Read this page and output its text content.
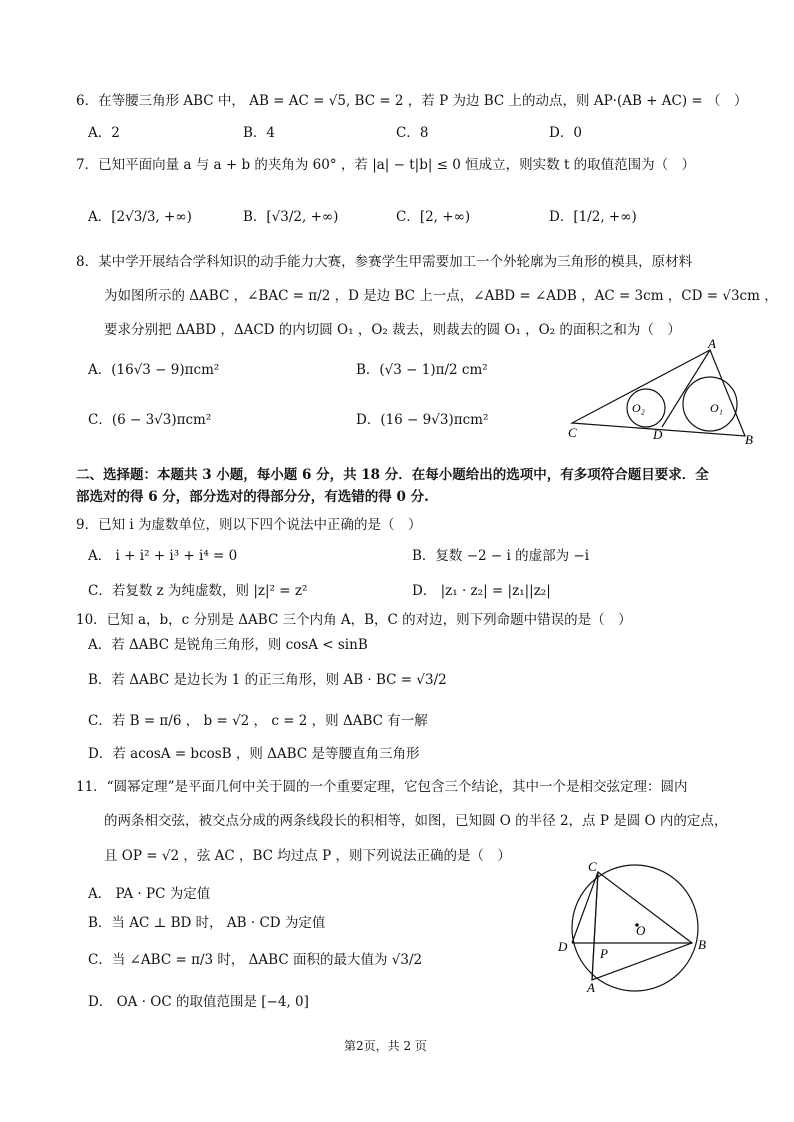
6．在等腰三角形 ABC 中， AB = AC = √5, BC = 2 ，若 P 为边 BC 上的动点，则 AP·(AB + AC) = （　）
A．2	B．4	C．8	D．0
7．已知平面向量 a 与 a + b 的夹角为 60° ，若 |a| − t|b| ≤ 0 恒成立，则实数 t 的取值范围为（　）
A．[2√3/3, +∞)	B．[√3/2, +∞)	C．[2, +∞)	D．[1/2, +∞)
8．某中学开展结合学科知识的动手能力大赛，参赛学生甲需要加工一个外轮廓为三角形的模具，原材料
为如图所示的 ΔABC ，∠BAC = π/2 ，D 是边 BC 上一点，∠ABD = ∠ADB ，AC = 3cm ，CD = √3cm ，
要求分别把 ΔABD ，ΔACD 的内切圆 O₁ ，O₂ 裁去，则裁去的圆 O₁ ，O₂ 的面积之和为（　）
A．(16√3 − 9)πcm²	B．(√3 − 1)π/2 cm²
C．(6 − 3√3)πcm²	D．(16 − 9√3)πcm²
A
B
C	D
O₂	O₁
二、选择题：本题共 3 小题，每小题 6 分，共 18 分．在每小题给出的选项中，有多项符合题目要求．全
部选对的得 6 分，部分选对的得部分分，有选错的得 0 分.
9．已知 i 为虚数单位，则以下四个说法中正确的是（　）
A． i + i² + i³ + i⁴ = 0	B．复数 −2 − i 的虚部为 −i
C．若复数 z 为纯虚数，则 |z|² = z²	D． |z₁ · z₂| = |z₁||z₂|
10．已知 a，b，c 分别是 ΔABC 三个内角 A，B，C 的对边，则下列命题中错误的是（　）
A．若 ΔABC 是锐角三角形，则 cosA < sinB
B．若 ΔABC 是边长为 1 的正三角形，则 AB · BC = √3/2
C．若 B = π/6 ， b = √2 ， c = 2 ，则 ΔABC 有一解
D．若 acosA = bcosB ，则 ΔABC 是等腰直角三角形
11．“圆幂定理”是平面几何中关于圆的一个重要定理，它包含三个结论，其中一个是相交弦定理：圆内
的两条相交弦，被交点分成的两条线段长的积相等，如图，已知圆 O 的半径 2，点 P 是圆 O 内的定点，
且 OP = √2 ，弦 AC ，BC 均过点 P ，则下列说法正确的是（　）
A． PA · PC 为定值
B．当 AC ⊥ BD 时， AB · CD 为定值
C．当 ∠ABC = π/3 时， ΔABC 面积的最大值为 √3/2
D． OA · OC 的取值范围是 [−4, 0]
C
O
D	P
B
A
第2页，共 2 页
